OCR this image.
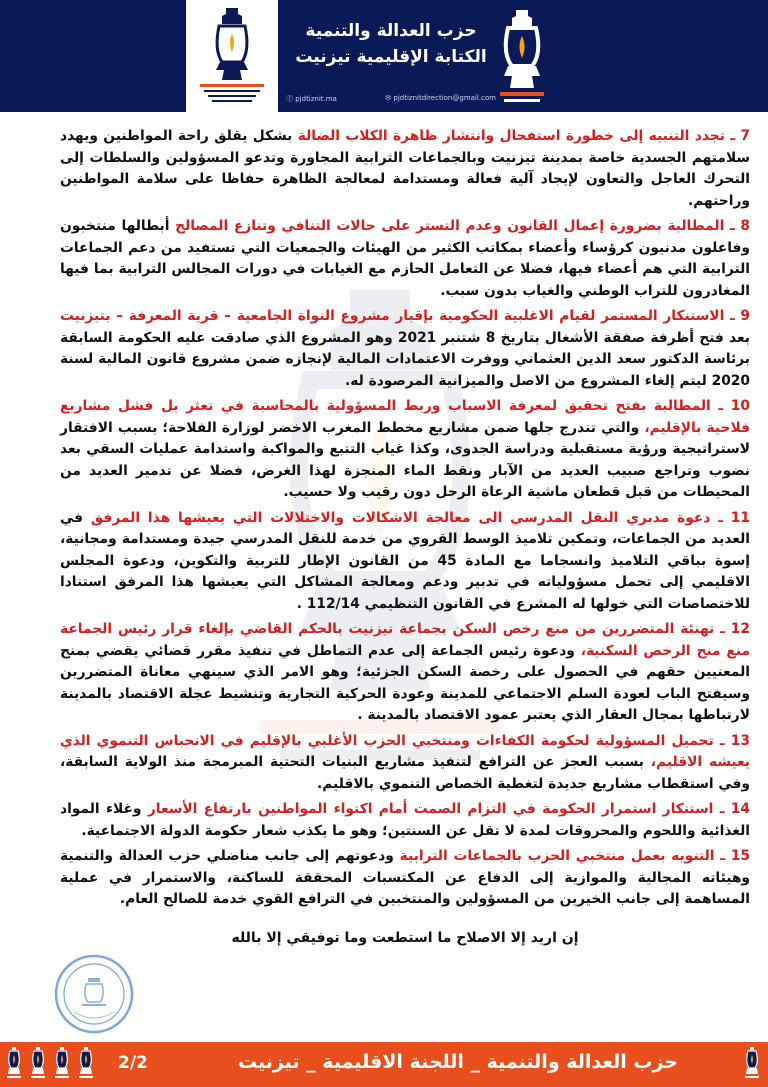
حزب العدالة والتنمية
الكتابة الإقليمية تيزنيت
ⓕ pjdtiznit.ma	✉ pjdtiznitdirection@gmail.com

7 ـ تجدد التنبيه إلى خطورة استفحال وانتشار ظاهرة الكلاب الضالة بشكل يقلق راحة المواطنين ويهدد سلامتهم الجسدية خاصة بمدينة تيزنيت وبالجماعات الترابية المجاورة وتدعو المسؤولين والسلطات إلى التحرك العاجل والتعاون لإيجاد آلية فعالة ومستدامة لمعالجة الظاهرة حفاظا على سلامة المواطنين وراحتهم.

8 ـ المطالبة بضرورة إعمال القانون وعدم التستر على حالات التنافي وتنازع المصالح أبطالها منتخبون وفاعلون مدنيون كرؤساء وأعضاء بمكاتب الكثير من الهيئات والجمعيات التي تستفيد من دعم الجماعات الترابية التي هم أعضاء فيها، فضلا عن التعامل الحازم مع الغيابات في دورات المجالس الترابية بما فيها المغادرون للتراب الوطني والغياب بدون سبب.

9 ـ الاستنكار المستمر لقيام الاغلبية الحكومية بإقبار مشروع النواة الجامعية – قرية المعرفة – بتيزنيت بعد فتح أظرفة صفقة الأشغال بتاريخ 8 شتنبر 2021 وهو المشروع الذي صادقت عليه الحكومة السابقة برئاسة الدكتور سعد الدين العثماني ووفرت الاعتمادات المالية لإنجازه ضمن مشروع قانون المالية لسنة 2020 ليتم إلغاء المشروع من الاصل والميزانية المرصودة له.

10 ـ المطالبة بفتح تحقيق لمعرفة الاسباب وربط المسؤولية بالمحاسبة في تعثر بل فشل مشاريع فلاحية بالإقليم، والتي تندرج جلها ضمن مشاريع مخطط المغرب الاخضر لوزارة الفلاحة؛ بسبب الافتقار لاستراتيجية ورؤية مستقبلية ودراسة الجدوى، وكذا غياب التتبع والمواكبة واستدامة عمليات السقي بعد نضوب وتراجع صبيب العديد من الآبار ونقط الماء المنجزة لهذا الغرض، فضلا عن تدمير العديد من المحيطات من قبل قطعان ماشية الرعاة الرحل دون رقيب ولا حسيب.

11 ـ دعوة مدبري النقل المدرسي الى معالجة الاشكالات والاختلالات التي يعيشها هذا المرفق في العديد من الجماعات، وتمكين تلاميذ الوسط القروي من خدمة للنقل المدرسي جيدة ومستدامة ومجانية، إسوة بباقي التلاميذ وانسجاما مع المادة 45 من القانون الإطار للتربية والتكوين، ودعوة المجلس الاقليمي إلى تحمل مسؤولياته في تدبير ودعم ومعالجة المشاكل التي يعيشها هذا المرفق استنادا للاختصاصات التي خولها له المشرع في القانون التنظيمي 112/14 .

12 ـ تهنئة المتضررين من منع رخص السكن بجماعة تيزنيت بالحكم القاضي بإلغاء قرار رئيس الجماعة منع منح الرخص السكنية، ودعوة رئيس الجماعة إلى عدم التماطل في تنفيذ مقرر قضائي يقضي بمنح المعنيين حقهم في الحصول على رخصة السكن الجزئية؛ وهو الامر الذي سينهي معاناة المتضررين وسيفتح الباب لعودة السلم الاجتماعي للمدينة وعودة الحركية التجارية وتنشيط عجلة الاقتصاد بالمدينة لارتباطها بمجال العقار الذي يعتبر عمود الاقتصاد بالمدينة .

13 ـ تحميل المسؤولية لحكومة الكفاءات ومنتخبي الحزب الأغلبي بالإقليم في الانحباس التنموي الذي يعيشه الاقليم، بسبب العجز عن الترافع لتنفيذ مشاريع البنيات التحتية المبرمجة منذ الولاية السابقة، وفي استقطاب مشاريع جديدة لتغطية الخصاص التنموي بالاقليم.

14 ـ استنكار استمرار الحكومة في التزام الصمت أمام اكتواء المواطنين بارتفاع الأسعار وغلاء المواد الغذائية واللحوم والمحروقات لمدة لا تقل عن السنتين؛ وهو ما يكذب شعار حكومة الدولة الاجتماعية.

15 ـ التنويه بعمل منتخبي الحزب بالجماعات الترابية ودعوتهم إلى جانب مناضلي حزب العدالة والتنمية وهيئاته المجالية والموازية إلى الدفاع عن المكتسبات المحققة للساكنة، والاستمرار في عملية المساهمة إلى جانب الخيرين من المسؤولين والمنتخبين في الترافع القوي خدمة للصالح العام.

إن اريد إلا الاصلاح ما استطعت وما توفيقي إلا بالله
حزب العدالة والتنمية _ اللجنة الاقليمية _ تيزنيت
2/2
